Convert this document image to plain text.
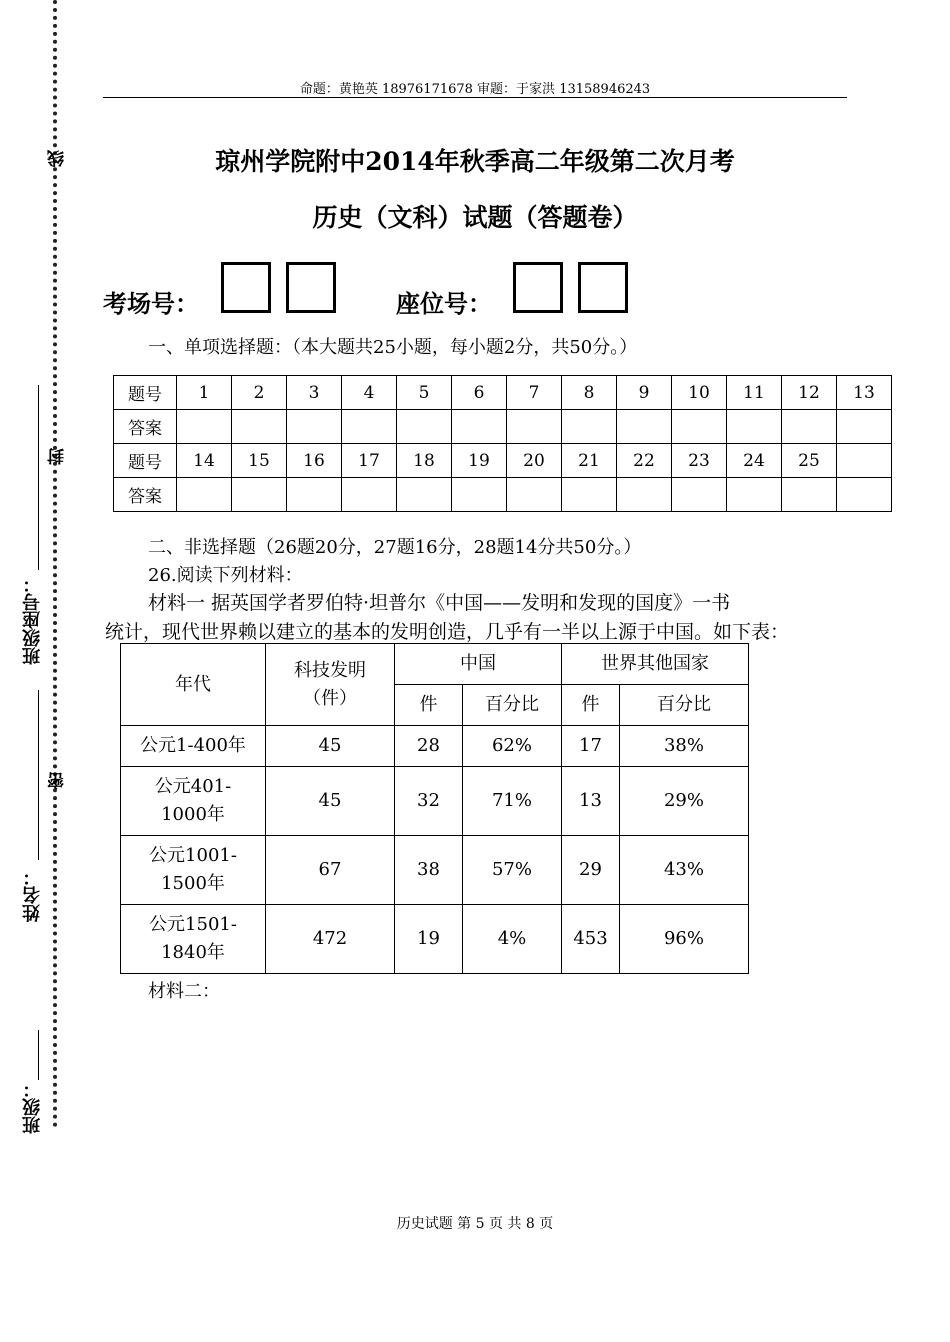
线
封
密
班级座号：
姓名：
班级：
命题：黄艳英 18976171678 审题：于家洪 13158946243
琼州学院附中2014年秋季高二年级第二次月考
历史（文科）试题（答题卷）
考场号：	座位号：
一、单项选择题：（本大题共25小题，每小题2分，共50分。）
题号	1	2	3	4	5	6	7	8	9	10	11	12	13
答案													
题号	14	15	16	17	18	19	20	21	22	23	24	25	
答案													
二、非选择题（26题20分，27题16分，28题14分共50分。）
26.阅读下列材料：
材料一 据英国学者罗伯特·坦普尔《中国——发明和发现的国度》一书
统计，现代世界赖以建立的基本的发明创造，几乎有一半以上源于中国。如下表：
年代	科技发明（件）	中国		世界其他国家	
		件	百分比	件	百分比
公元1-400年	45	28	62%	17	38%
公元401-1000年	45	32	71%	13	29%
公元1001-1500年	67	38	57%	29	43%
公元1501-1840年	472	19	4%	453	96%
材料二：
历史试题 第 5 页 共 8 页
